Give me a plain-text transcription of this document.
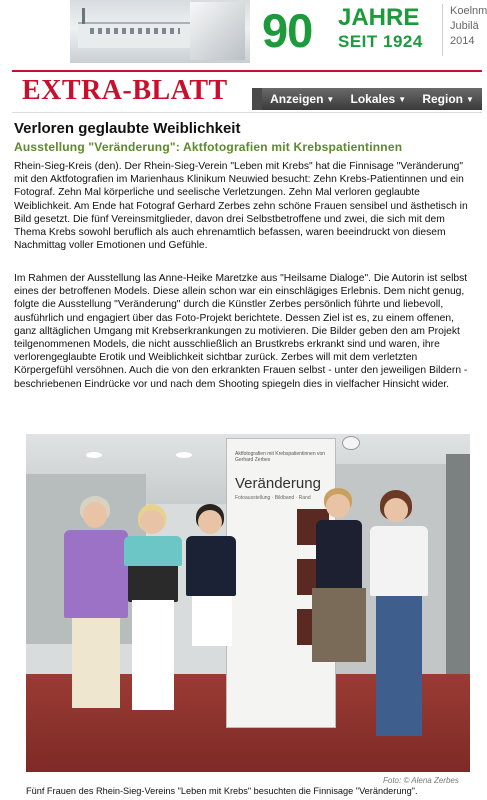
90 JAHRE
SEIT 1924
Koelnm
Jubilä
2014
EXTRA-BLATT	Anzeigen ▼ Lokales ▼ Region ▼
Verloren geglaubte Weiblichkeit
Ausstellung "Veränderung": Aktfotografien mit Krebspatientinnen

Rhein-Sieg-Kreis (den). Der Rhein-Sieg-Verein "Leben mit Krebs" hat die Finnisage "Veränderung" mit den Aktfotografien im Marienhaus Klinikum Neuwied besucht: Zehn Krebs-Patientinnen und ein Fotograf. Zehn Mal körperliche und seelische Verletzungen. Zehn Mal verloren geglaubte Weiblichkeit. Am Ende hat Fotograf Gerhard Zerbes zehn schöne Frauen sensibel und ästhetisch in Bild gesetzt. Die fünf Vereinsmitglieder, davon drei Selbstbetroffene und zwei, die sich mit dem Thema Krebs sowohl beruflich als auch ehrenamtlich befassen, waren beeindruckt von diesem Nachmittag voller Emotionen und Gefühle.

Im Rahmen der Ausstellung las Anne-Heike Maretzke aus "Heilsame Dialoge". Die Autorin ist selbst eines der betroffenen Models. Diese allein schon war ein einschlägiges Erlebnis. Dem nicht genug, folgte die Ausstellung "Veränderung" durch die Künstler Zerbes persönlich führte und liebevoll, ausführlich und engagiert über das Foto-Projekt berichtete. Dessen Ziel ist es, zu einem offenen, ganz alltäglichen Umgang mit Krebserkrankungen zu motivieren. Die Bilder geben den am Projekt teilgenommenen Models, die nicht ausschließlich an Brustkrebs erkrankt sind und waren, ihre verlorengeglaubte Erotik und Weiblichkeit sichtbar zurück. Zerbes will mit dem verletzten Körpergefühl versöhnen. Auch die von den erkrankten Frauen selbst - unter den jeweiligen Bildern - beschriebenen Eindrücke vor und nach dem Shooting spiegeln dies in vielfacher Hinsicht wider.

Aktfotografien mit Krebspatientinnen von Gerhard Zerbes
Veränderung
Fotoausstellung · Bildband · Rand
Foto: © Alena Zerbes
Fünf Frauen des Rhein-Sieg-Vereins "Leben mit Krebs" besuchten die Finnisage "Veränderung".
